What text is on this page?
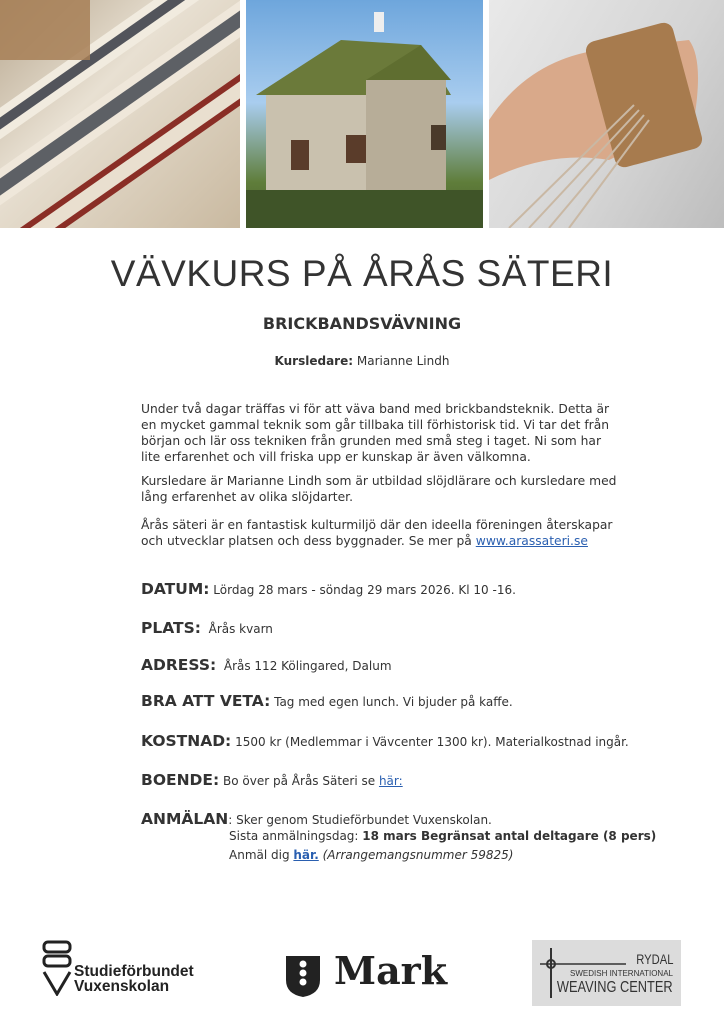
VÄVKURS PÅ ÅRÅS SÄTERI
BRICKBANDSVÄVNING
Kursledare: Marianne Lindh

Under två dagar träffas vi för att väva band med brickbandsteknik. Detta är en mycket gammal teknik som går tillbaka till förhistorisk tid. Vi tar det från början och lär oss tekniken från grunden med små steg i taget. Ni som har lite erfarenhet och vill friska upp er kunskap är även välkomna.

Kursledare är Marianne Lindh som är utbildad slöjdlärare och kursledare med lång erfarenhet av olika slöjdarter.

Årås säteri är en fantastisk kulturmiljö där den ideella föreningen återskapar och utvecklar platsen och dess byggnader. Se mer på www.arassateri.se

DATUM: Lördag 28 mars - söndag 29 mars 2026. Kl 10 -16.
PLATS: Årås kvarn
ADRESS: Årås 112 Kölingared, Dalum
BRA ATT VETA: Tag med egen lunch. Vi bjuder på kaffe.
KOSTNAD: 1500 kr (Medlemmar i Vävcenter 1300 kr). Materialkostnad ingår.
BOENDE: Bo över på Årås Säteri se här:
ANMÄLAN: Sker genom Studieförbundet Vuxenskolan.
Sista anmälningsdag: 18 mars Begränsat antal deltagare (8 pers)
Anmäl dig här. (Arrangemangsnummer 59825)
Studieförbundet
Vuxenskolan	Mark	RYDAL
SWEDISH INTERNATIONAL
WEAVING CENTER
